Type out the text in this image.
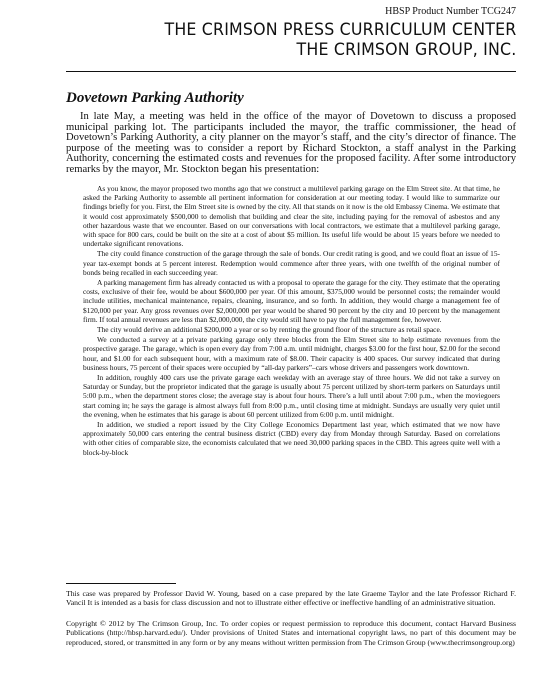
HBSP Product Number TCG247
THE CRIMSON PRESS CURRICULUM CENTER
THE CRIMSON GROUP, INC.
Dovetown Parking Authority

In late May, a meeting was held in the office of the mayor of Dovetown to discuss a proposed municipal parking lot. The participants included the mayor, the traffic commissioner, the head of Dovetown’s Parking Authority, a city planner on the mayor’s staff, and the city’s director of finance. The purpose of the meeting was to consider a report by Richard Stockton, a staff analyst in the Parking Authority, concerning the estimated costs and revenues for the proposed facility. After some introductory remarks by the mayor, Mr. Stockton began his presentation:

As you know, the mayor proposed two months ago that we construct a multilevel parking garage on the Elm Street site. At that time, he asked the Parking Authority to assemble all pertinent information for consideration at our meeting today. I would like to summarize our findings briefly for you. First, the Elm Street site is owned by the city. All that stands on it now is the old Embassy Cinema. We estimate that it would cost approximately $500,000 to demolish that building and clear the site, including paying for the removal of asbestos and any other hazardous waste that we encounter. Based on our conversations with local contractors, we estimate that a multilevel parking garage, with space for 800 cars, could be built on the site at a cost of about $5 million. Its useful life would be about 15 years before we needed to undertake significant renovations.

The city could finance construction of the garage through the sale of bonds. Our credit rating is good, and we could float an issue of 15-year tax-exempt bonds at 5 percent interest. Redemption would commence after three years, with one twelfth of the original number of bonds being recalled in each succeeding year.

A parking management firm has already contacted us with a proposal to operate the garage for the city. They estimate that the operating costs, exclusive of their fee, would be about $600,000 per year. Of this amount, $375,000 would be personnel costs; the remainder would include utilities, mechanical maintenance, repairs, cleaning, insurance, and so forth. In addition, they would charge a management fee of $120,000 per year. Any gross revenues over $2,000,000 per year would be shared 90 percent by the city and 10 percent by the management firm. If total annual revenues are less than $2,000,000, the city would still have to pay the full management fee, however.

The city would derive an additional $200,000 a year or so by renting the ground floor of the structure as retail space.

We conducted a survey at a private parking garage only three blocks from the Elm Street site to help estimate revenues from the prospective garage. The garage, which is open every day from 7:00 a.m. until midnight, charges $3.00 for the first hour, $2.00 for the second hour, and $1.00 for each subsequent hour, with a maximum rate of $8.00. Their capacity is 400 spaces. Our survey indicated that during business hours, 75 percent of their spaces were occupied by “all-day parkers”–cars whose drivers and passengers work downtown.

In addition, roughly 400 cars use the private garage each weekday with an average stay of three hours. We did not take a survey on Saturday or Sunday, but the proprietor indicated that the garage is usually about 75 percent utilized by short-term parkers on Saturdays until 5:00 p.m., when the department stores close; the average stay is about four hours. There’s a lull until about 7:00 p.m., when the moviegoers start coming in; he says the garage is almost always full from 8:00 p.m., until closing time at midnight. Sundays are usually very quiet until the evening, when he estimates that his garage is about 60 percent utilized from 6:00 p.m. until midnight.

In addition, we studied a report issued by the City College Economics Department last year, which estimated that we now have approximately 50,000 cars entering the central business district (CBD) every day from Monday through Saturday. Based on correlations with other cities of comparable size, the economists calculated that we need 30,000 parking spaces in the CBD. This agrees quite well with a block-by-block

This case was prepared by Professor David W. Young, based on a case prepared by the late Graeme Taylor and the late Professor Richard F. Vancil It is intended as a basis for class discussion and not to illustrate either effective or ineffective handling of an administrative situation.

Copyright © 2012 by The Crimson Group, Inc. To order copies or request permission to reproduce this document, contact Harvard Business Publications (http://hbsp.harvard.edu/). Under provisions of United States and international copyright laws, no part of this document may be reproduced, stored, or transmitted in any form or by any means without written permission from The Crimson Group (www.thecrimsongroup.org)
